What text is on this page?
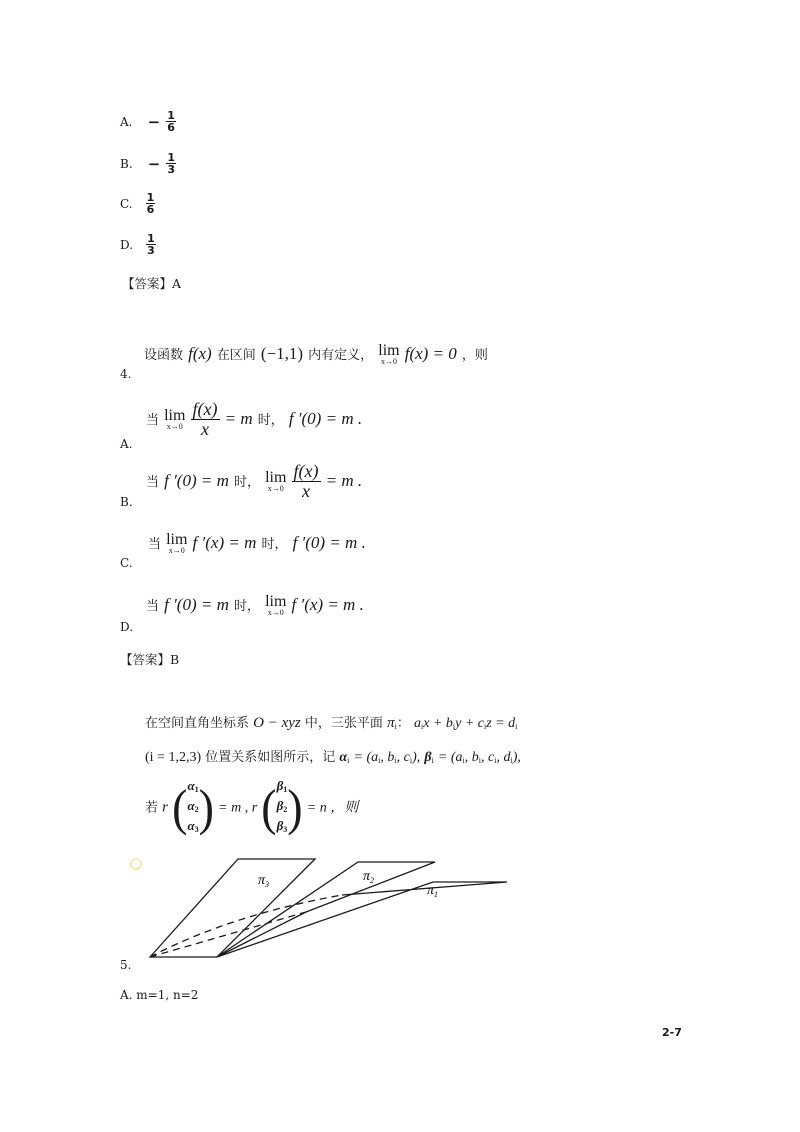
A. − $\frac{1}{6}$
B. − $\frac{1}{3}$
C. $\frac{1}{6}$
D. $\frac{1}{3}$
【答案】A
设函数 f(x) 在区间 (−1,1) 内有定义， lim
x→0 f(x) = 0 ，则
4.
当 lim
x→0
$\frac{f(x)}{x} = m$ 时， f ′(0) = m .
A.
当 f ′(0) = m 时， lim
x→0
$\frac{f(x)}{x} = m$ .
B.
当 lim
x→0 f ′(x) = m 时， f ′(0) = m .
C.
当 f ′(0) = m 时， lim
x→0 f ′(x) = m .
D.
【答案】B
在空间直角坐标系 O − xyz 中，三张平面 $\pi_i$： $a_ix + b_iy + c_iz = d_i$
(i = 1,2,3) 位置关系如图所示，记 $\alpha_i = (a_i$, $b_i$, $c_i$), $\beta_i = (a_i$, $b_i$, $c_i$, $d_i$),
若 r ( $\alpha_1$
$\alpha_2$
$\alpha_3$ ) = m , r ( $\beta_1$
$\beta_2$
$\beta_3$ ) = n ，则
$\pi_3$
$\pi_2$
$\pi_1$
5.
A. m=1, n=2
2-7
